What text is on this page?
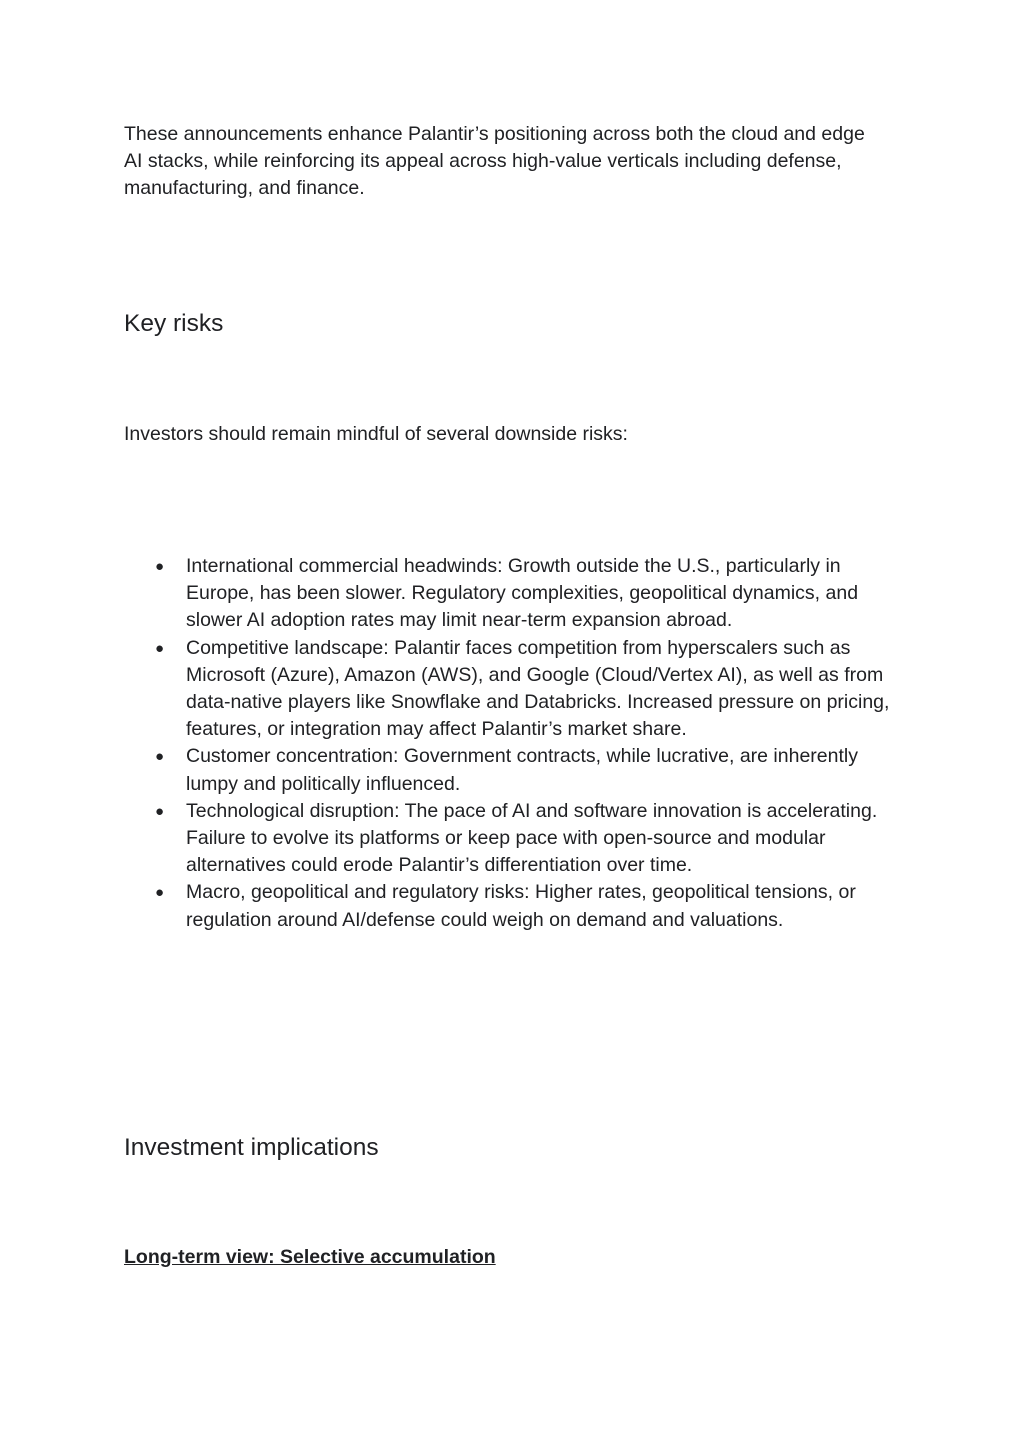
These announcements enhance Palantir’s positioning across both the cloud and edge AI stacks, while reinforcing its appeal across high-value verticals including defense, manufacturing, and finance.

Key risks

Investors should remain mindful of several downside risks:

● International commercial headwinds: Growth outside the U.S., particularly in Europe, has been slower. Regulatory complexities, geopolitical dynamics, and slower AI adoption rates may limit near-term expansion abroad.
● Competitive landscape: Palantir faces competition from hyperscalers such as Microsoft (Azure), Amazon (AWS), and Google (Cloud/Vertex AI), as well as from data-native players like Snowflake and Databricks. Increased pressure on pricing, features, or integration may affect Palantir’s market share.
● Customer concentration: Government contracts, while lucrative, are inherently lumpy and politically influenced.
● Technological disruption: The pace of AI and software innovation is accelerating. Failure to evolve its platforms or keep pace with open-source and modular alternatives could erode Palantir’s differentiation over time.
● Macro, geopolitical and regulatory risks: Higher rates, geopolitical tensions, or regulation around AI/defense could weigh on demand and valuations.
Investment implications

Long-term view: Selective accumulation
